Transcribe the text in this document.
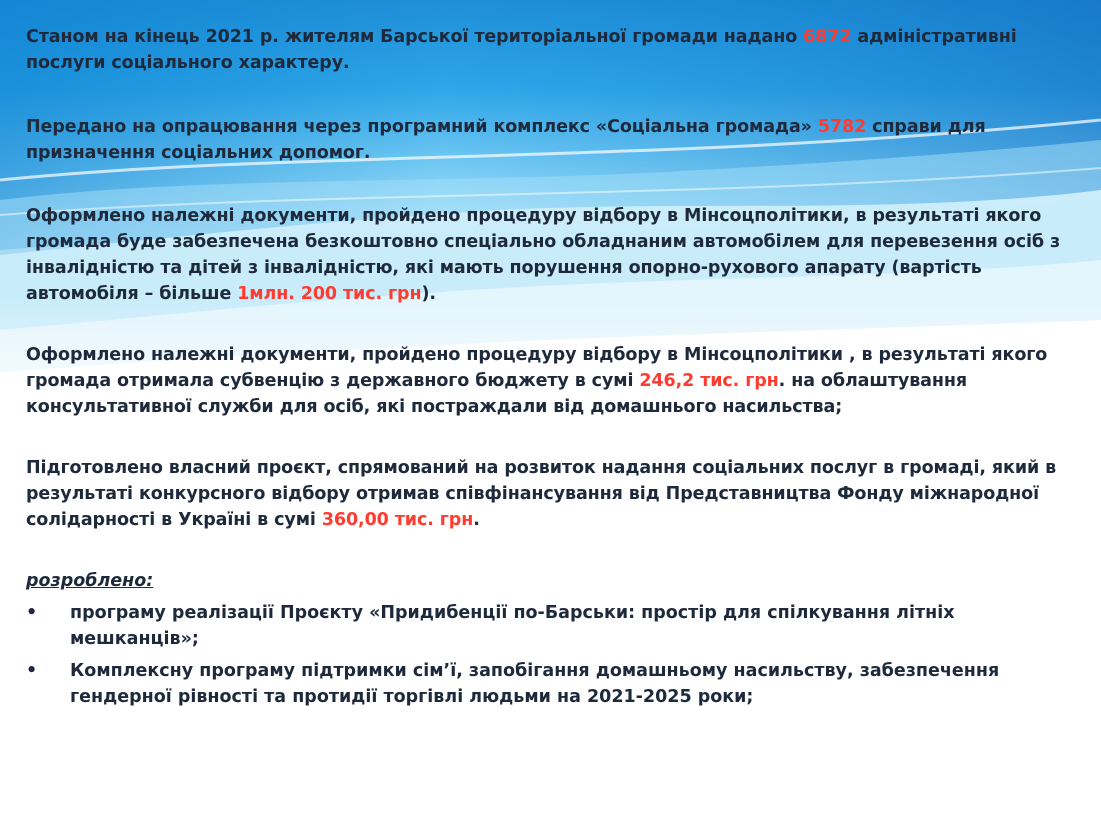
Станом на кінець 2021 р. жителям Барської територіальної громади надано 6872 адміністративні послуги соціального характеру.

Передано на опрацювання через програмний комплекс «Соціальна громада» 5782 справи для призначення соціальних допомог.

Оформлено належні документи, пройдено процедуру відбору в Мінсоцполітики, в результаті якого громада буде забезпечена безкоштовно спеціально обладнаним автомобілем для перевезення осіб з інвалідністю та дітей з інвалідністю, які мають порушення опорно-рухового апарату (вартість автомобіля – більше 1млн. 200 тис. грн).

Оформлено належні документи, пройдено процедуру відбору в Мінсоцполітики , в результаті якого громада отримала субвенцію з державного бюджету в сумі 246,2 тис. грн. на облаштування консультативної служби для осіб, які постраждали від домашнього насильства;

Підготовлено власний проєкт, спрямований на розвиток надання соціальних послуг в громаді, який в результаті конкурсного відбору отримав співфінансування від Представництва Фонду міжнародної солідарності в Україні в сумі 360,00 тис. грн.

розроблено:

• програму реалізації Проєкту «Придибенції по-Барськи: простір для спілкування літніх мешканців»;
• Комплексну програму підтримки сім’ї, запобігання домашньому насильству, забезпечення гендерної рівності та протидії торгівлі людьми на 2021-2025 роки;
